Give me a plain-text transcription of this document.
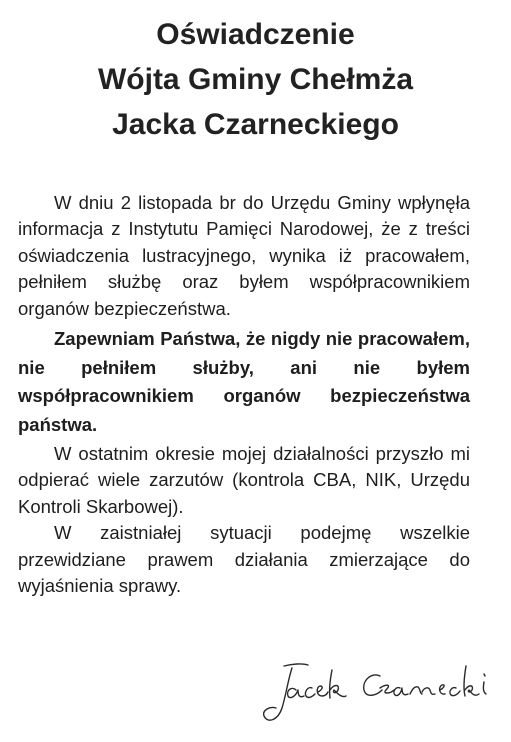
Oświadczenie
Wójta Gminy Chełmża
Jacka Czarneckiego

W dniu 2 listopada br do Urzędu Gminy wpłynęła informacja z Instytutu Pamięci Narodowej, że z treści oświadczenia lustracyjnego, wynika iż pracowałem, pełniłem służbę oraz byłem współpracownikiem organów bezpieczeństwa.

Zapewniam Państwa, że nigdy nie pracowałem, nie pełniłem służby, ani nie byłem współpracownikiem organów bezpieczeństwa państwa.

W ostatnim okresie mojej działalności przyszło mi odpierać wiele zarzutów (kontrola CBA, NIK, Urzędu Kontroli Skarbowej).

W zaistniałej sytuacji podejmę wszelkie przewidziane prawem działania zmierzające do wyjaśnienia sprawy.
